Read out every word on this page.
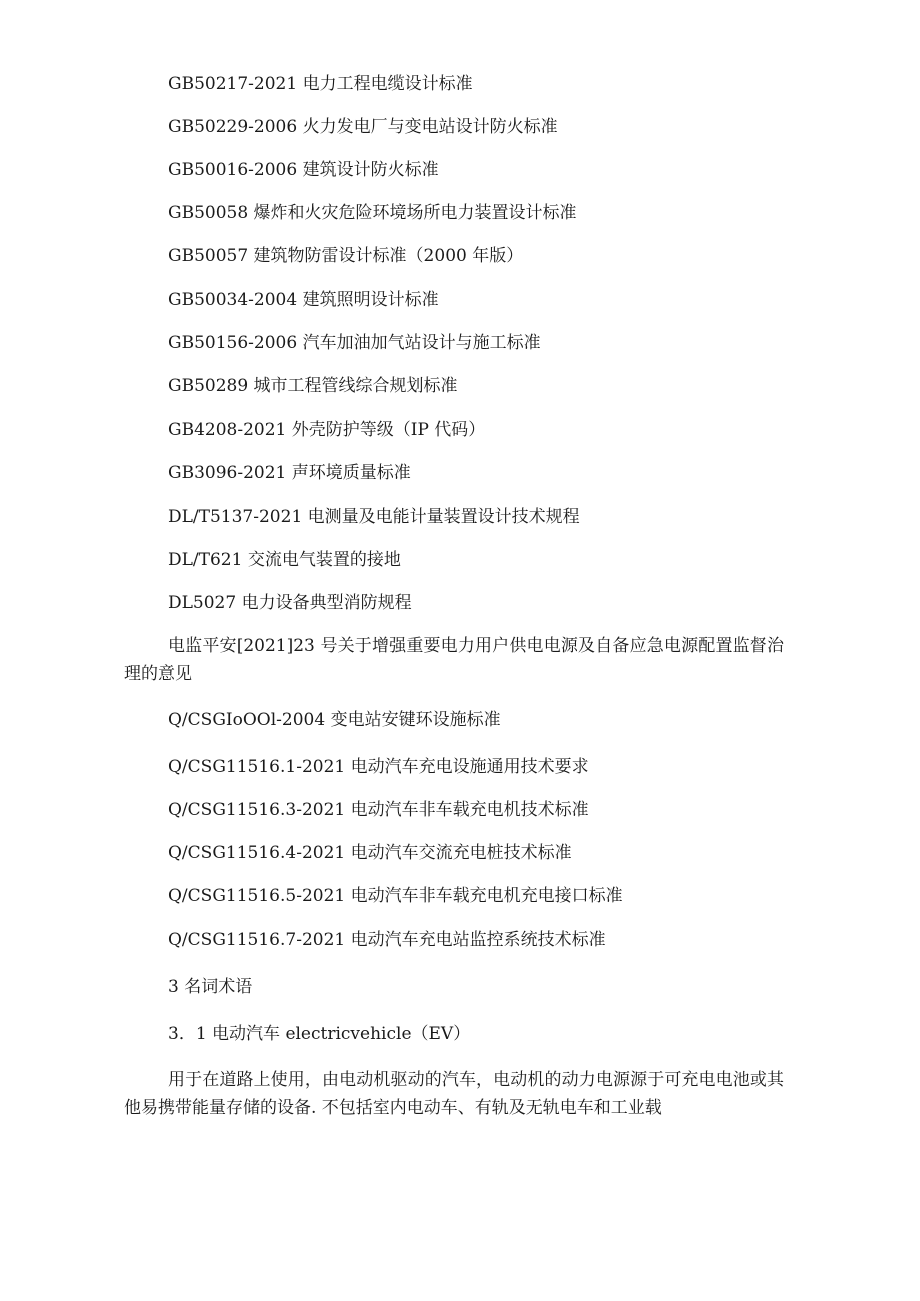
GB50217-2021 电力工程电缆设计标准

GB50229-2006 火力发电厂与变电站设计防火标准

GB50016-2006 建筑设计防火标准

GB50058 爆炸和火灾危险环境场所电力装置设计标准

GB50057 建筑物防雷设计标准（2000 年版）

GB50034-2004 建筑照明设计标准

GB50156-2006 汽车加油加气站设计与施工标准

GB50289 城市工程管线综合规划标准

GB4208-2021 外壳防护等级（IP 代码）

GB3096-2021 声环境质量标准

DL/T5137-2021 电测量及电能计量装置设计技术规程

DL/T621 交流电气装置的接地

DL5027 电力设备典型消防规程

电监平安[2021]23 号关于增强重要电力用户供电电源及自备应急电源配置监督治理的意见

Q/CSGIoOOl-2004 变电站安键环设施标准

Q/CSG11516.1-2021 电动汽车充电设施通用技术要求

Q/CSG11516.3-2021 电动汽车非车载充电机技术标准

Q/CSG11516.4-2021 电动汽车交流充电桩技术标准

Q/CSG11516.5-2021 电动汽车非车载充电机充电接口标准

Q/CSG11516.7-2021 电动汽车充电站监控系统技术标准

3 名词术语

3．1 电动汽车 electricvehicle（EV）

用于在道路上使用，由电动机驱动的汽车，电动机的动力电源源于可充电电池或其他易携带能量存储的设备. 不包括室内电动车、有轨及无轨电车和工业载
